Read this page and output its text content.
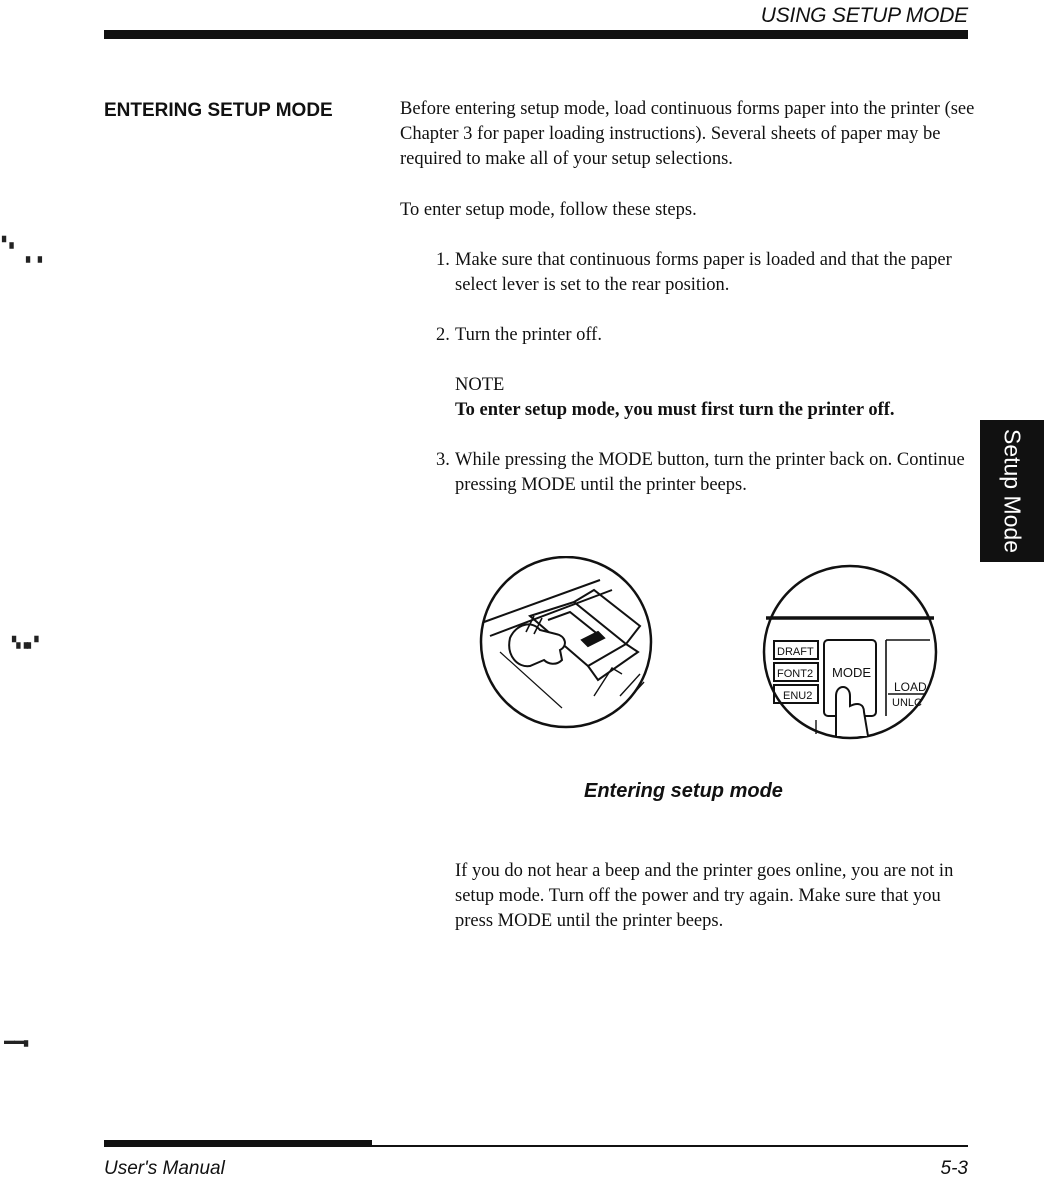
USING SETUP MODE
ENTERING SETUP MODE	Before entering setup mode, load continuous forms paper into the printer (see Chapter 3 for paper loading instructions). Several sheets of paper may be required to make all of your setup selections.
To enter setup mode, follow these steps.
1. Make sure that continuous forms paper is loaded and that the paper select lever is set to the rear position.
2. Turn the printer off.
NOTE
To enter setup mode, you must first turn the printer off.
3. While pressing the MODE button, turn the printer back on. Continue pressing MODE until the printer beeps.
DRAFT
FONT2
ENU2
MODE
LOAD
UNLC
Entering setup mode
If you do not hear a beep and the printer goes online, you are not in setup mode. Turn off the power and try again. Make sure that you press MODE until the printer beeps.
Setup Mode
▘▖
▖▗
▚▗▖▘
▬▬▖
User's Manual	5-3
